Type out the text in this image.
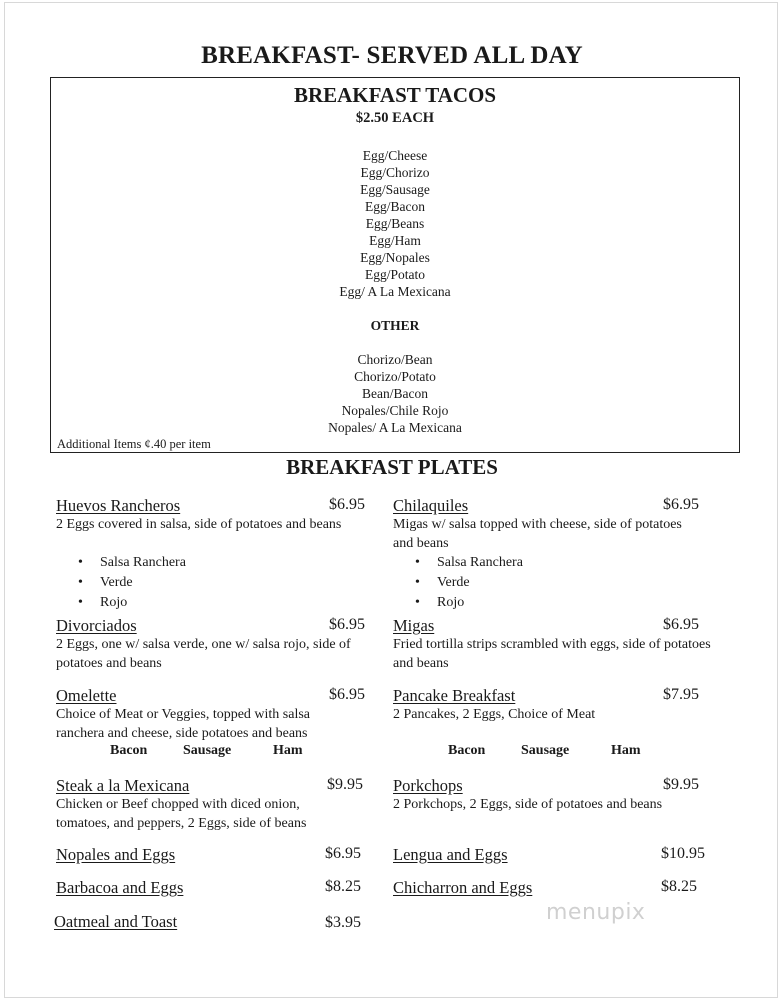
BREAKFAST- SERVED ALL DAY
BREAKFAST TACOS
$2.50 EACH
Egg/Cheese
Egg/Chorizo
Egg/Sausage
Egg/Bacon
Egg/Beans
Egg/Ham
Egg/Nopales
Egg/Potato
Egg/ A La Mexicana
OTHER
Chorizo/Bean
Chorizo/Potato
Bean/Bacon
Nopales/Chile Rojo
Nopales/ A La Mexicana
Additional Items ¢.40 per item
BREAKFAST PLATES
Huevos Rancheros	$6.95
2 Eggs covered in salsa, side of potatoes and beans
• Salsa Ranchera
• Verde
• Rojo
Divorciados	$6.95
2 Eggs, one w/ salsa verde, one w/ salsa rojo, side of potatoes and beans
Omelette	$6.95
Choice of Meat or Veggies, topped with salsa ranchera and cheese, side potatoes and beans
Bacon	Sausage	Ham
Steak a la Mexicana	$9.95
Chicken or Beef chopped with diced onion, tomatoes, and peppers, 2 Eggs, side of beans
Nopales and Eggs	$6.95
Barbacoa and Eggs	$8.25
Oatmeal and Toast	$3.95
Chilaquiles	$6.95
Migas w/ salsa topped with cheese, side of potatoes and beans
• Salsa Ranchera
• Verde
• Rojo
Migas	$6.95
Fried tortilla strips scrambled with eggs, side of potatoes and beans
Pancake Breakfast	$7.95
2 Pancakes, 2 Eggs, Choice of Meat
Bacon	Sausage	Ham
Porkchops	$9.95
2 Porkchops, 2 Eggs, side of potatoes and beans
Lengua and Eggs	$10.95
Chicharron and Eggs	$8.25
menupix
